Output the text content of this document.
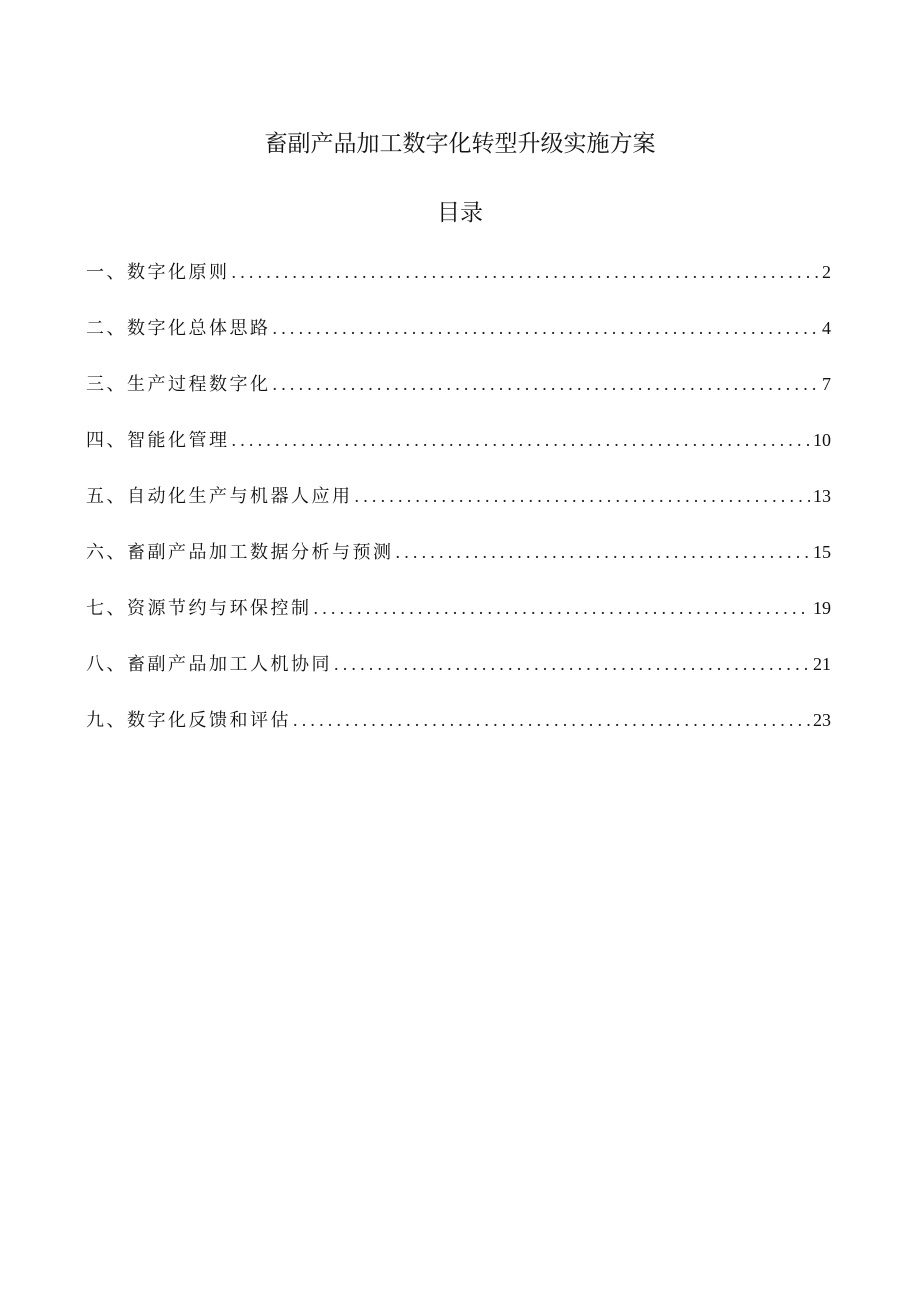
畜副产品加工数字化转型升级实施方案
目录
一、数字化原则 .....	2
二、数字化总体思路 .....	4
三、生产过程数字化 .....	7
四、智能化管理 .....	10
五、自动化生产与机器人应用 .....	13
六、畜副产品加工数据分析与预测 .....	15
七、资源节约与环保控制 .....	19
八、畜副产品加工人机协同 .....	21
九、数字化反馈和评估 .....	23
